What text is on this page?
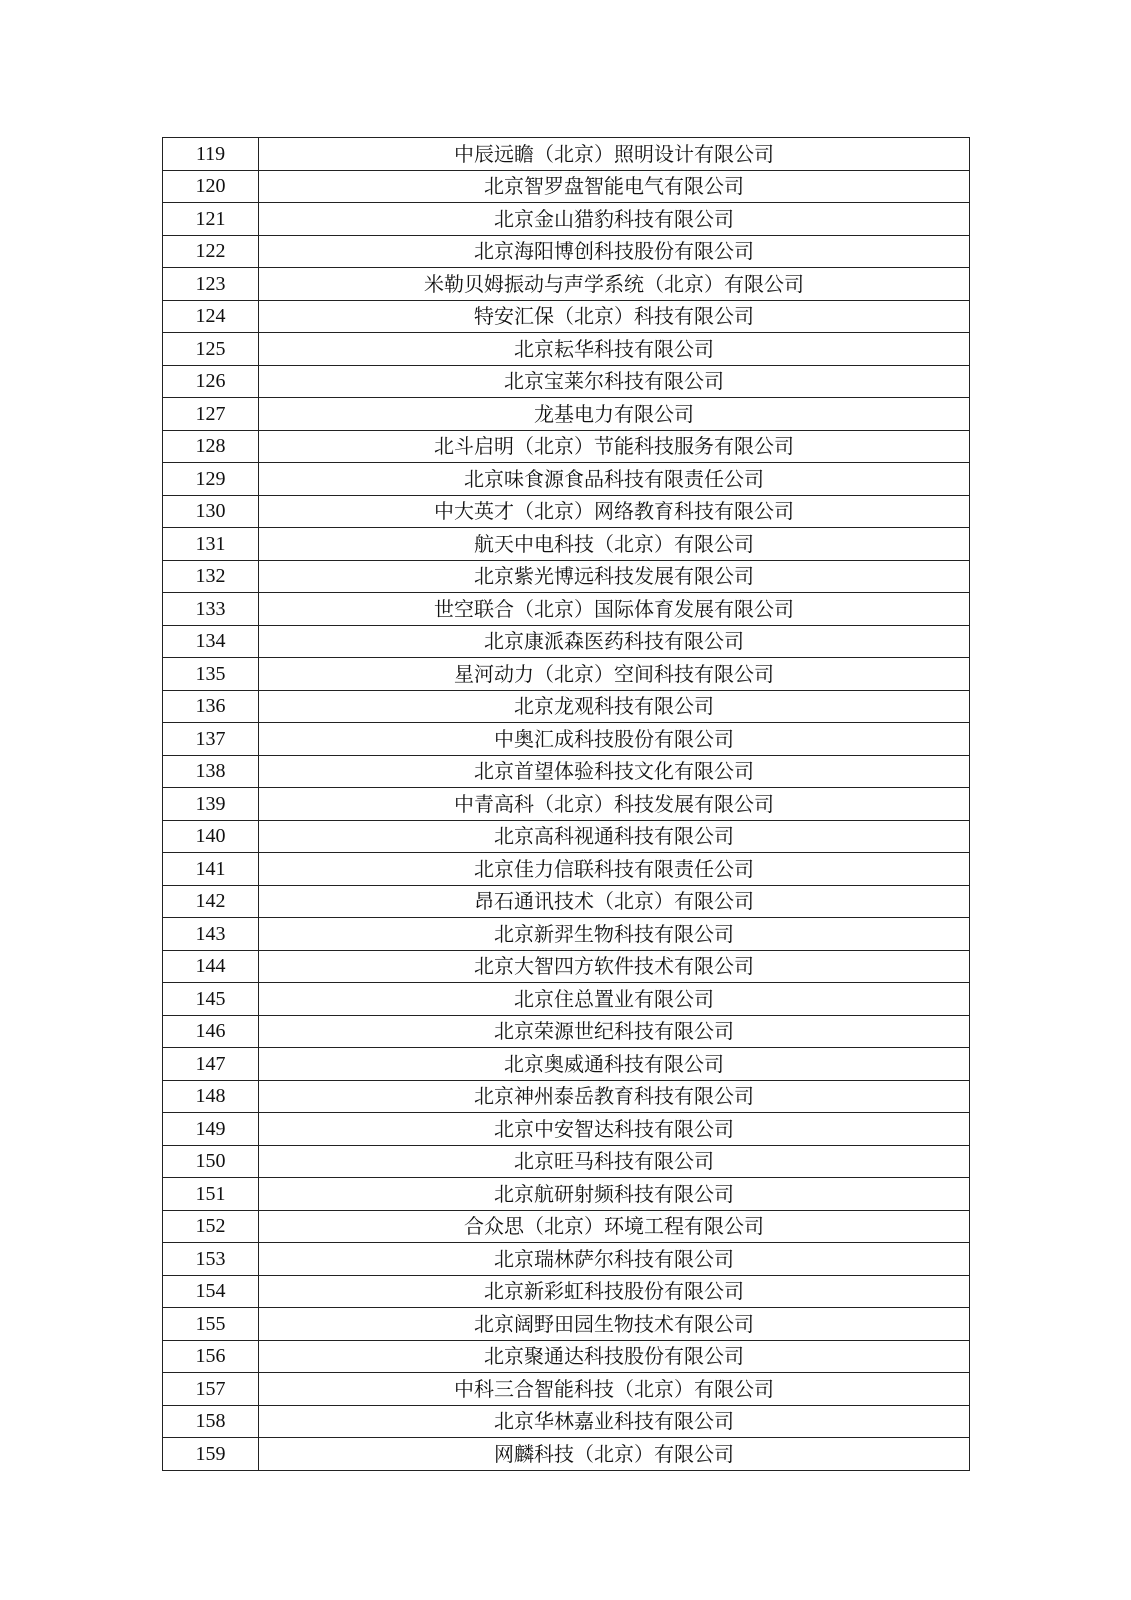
119	中辰远瞻（北京）照明设计有限公司
120	北京智罗盘智能电气有限公司
121	北京金山猎豹科技有限公司
122	北京海阳博创科技股份有限公司
123	米勒贝姆振动与声学系统（北京）有限公司
124	特安汇保（北京）科技有限公司
125	北京耘华科技有限公司
126	北京宝莱尔科技有限公司
127	龙基电力有限公司
128	北斗启明（北京）节能科技服务有限公司
129	北京味食源食品科技有限责任公司
130	中大英才（北京）网络教育科技有限公司
131	航天中电科技（北京）有限公司
132	北京紫光博远科技发展有限公司
133	世空联合（北京）国际体育发展有限公司
134	北京康派森医药科技有限公司
135	星河动力（北京）空间科技有限公司
136	北京龙观科技有限公司
137	中奥汇成科技股份有限公司
138	北京首望体验科技文化有限公司
139	中青高科（北京）科技发展有限公司
140	北京高科视通科技有限公司
141	北京佳力信联科技有限责任公司
142	昂石通讯技术（北京）有限公司
143	北京新羿生物科技有限公司
144	北京大智四方软件技术有限公司
145	北京住总置业有限公司
146	北京荣源世纪科技有限公司
147	北京奥威通科技有限公司
148	北京神州泰岳教育科技有限公司
149	北京中安智达科技有限公司
150	北京旺马科技有限公司
151	北京航研射频科技有限公司
152	合众思（北京）环境工程有限公司
153	北京瑞林萨尔科技有限公司
154	北京新彩虹科技股份有限公司
155	北京阔野田园生物技术有限公司
156	北京聚通达科技股份有限公司
157	中科三合智能科技（北京）有限公司
158	北京华林嘉业科技有限公司
159	网麟科技（北京）有限公司
